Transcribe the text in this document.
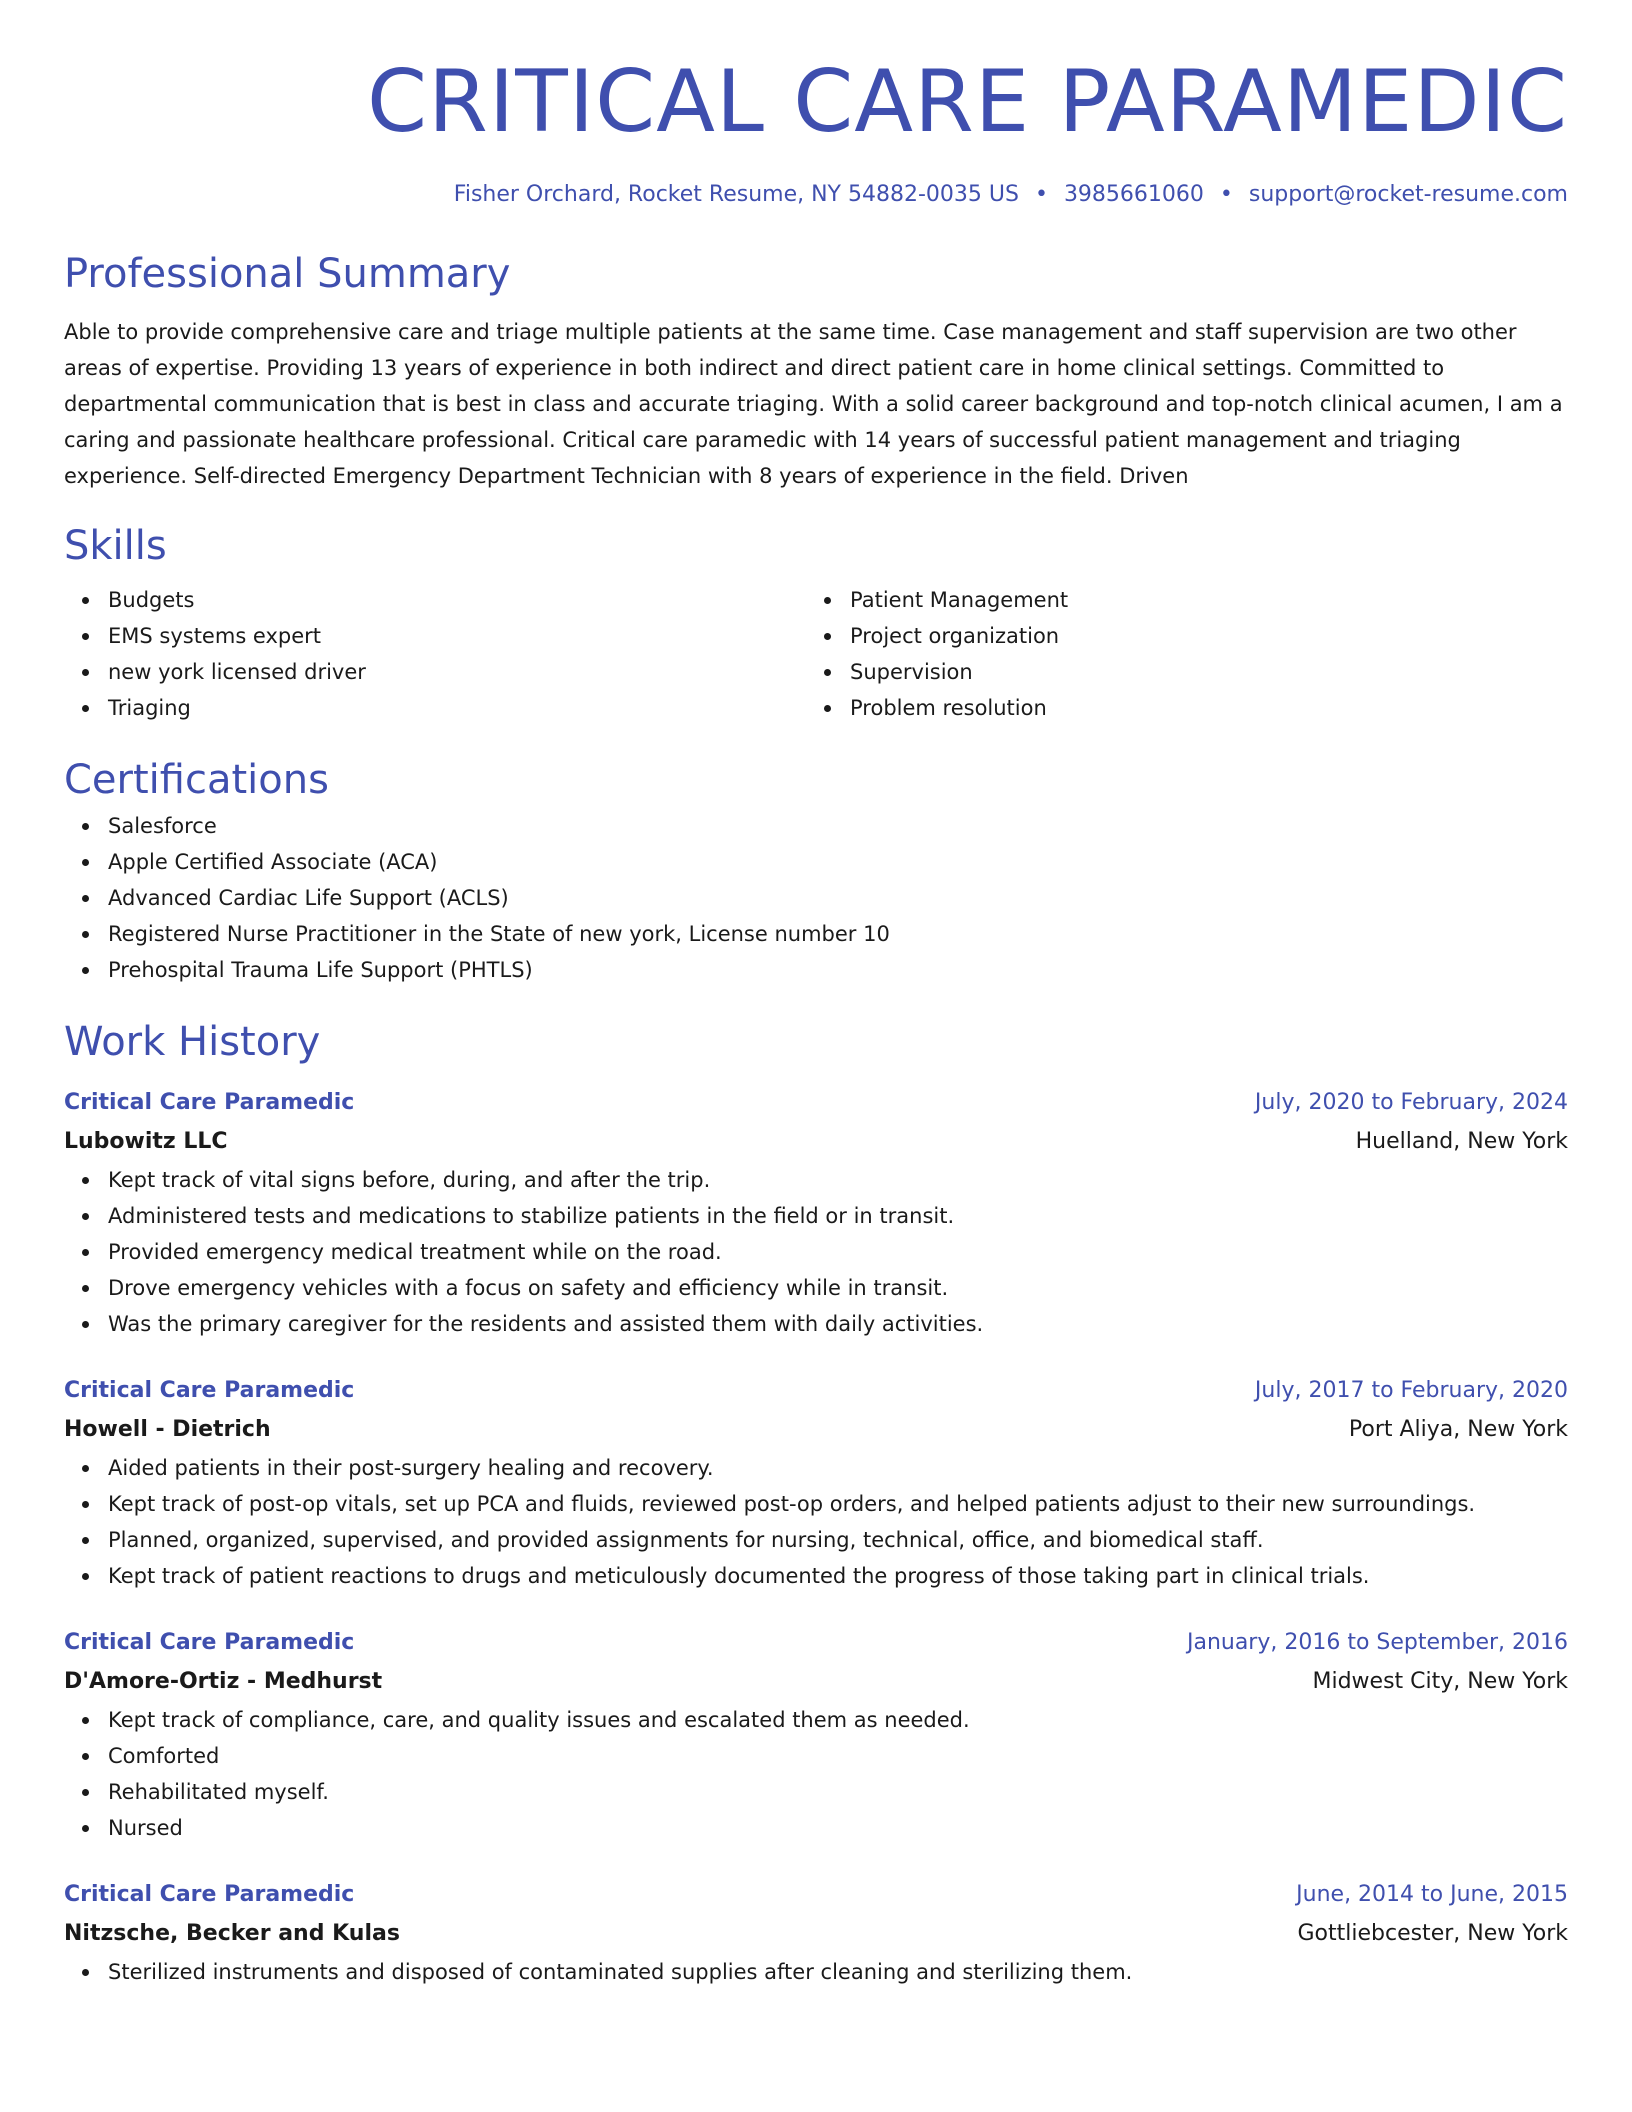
CRITICAL CARE PARAMEDIC
Fisher Orchard, Rocket Resume, NY 54882-0035 US • 3985661060 • support@rocket-resume.com
Professional Summary
Able to provide comprehensive care and triage multiple patients at the same time. Case management and staff supervision are two other areas of expertise. Providing 13 years of experience in both indirect and direct patient care in home clinical settings. Committed to departmental communication that is best in class and accurate triaging. With a solid career background and top-notch clinical acumen, I am a caring and passionate healthcare professional. Critical care paramedic with 14 years of successful patient management and triaging experience. Self-directed Emergency Department Technician with 8 years of experience in the field. Driven
Skills
Budgets
EMS systems expert
new york licensed driver
Triaging
Patient Management
Project organization
Supervision
Problem resolution
Certifications
Salesforce
Apple Certified Associate (ACA)
Advanced Cardiac Life Support (ACLS)
Registered Nurse Practitioner in the State of new york, License number 10
Prehospital Trauma Life Support (PHTLS)
Work History
Critical Care Paramedic	July, 2020 to February, 2024
Lubowitz LLC	Huelland, New York
Kept track of vital signs before, during, and after the trip.
Administered tests and medications to stabilize patients in the field or in transit.
Provided emergency medical treatment while on the road.
Drove emergency vehicles with a focus on safety and efficiency while in transit.
Was the primary caregiver for the residents and assisted them with daily activities.
Critical Care Paramedic	July, 2017 to February, 2020
Howell - Dietrich	Port Aliya, New York
Aided patients in their post-surgery healing and recovery.
Kept track of post-op vitals, set up PCA and fluids, reviewed post-op orders, and helped patients adjust to their new surroundings.
Planned, organized, supervised, and provided assignments for nursing, technical, office, and biomedical staff.
Kept track of patient reactions to drugs and meticulously documented the progress of those taking part in clinical trials.
Critical Care Paramedic	January, 2016 to September, 2016
D'Amore-Ortiz - Medhurst	Midwest City, New York
Kept track of compliance, care, and quality issues and escalated them as needed.
Comforted
Rehabilitated myself.
Nursed
Critical Care Paramedic	June, 2014 to June, 2015
Nitzsche, Becker and Kulas	Gottliebcester, New York
Sterilized instruments and disposed of contaminated supplies after cleaning and sterilizing them.
